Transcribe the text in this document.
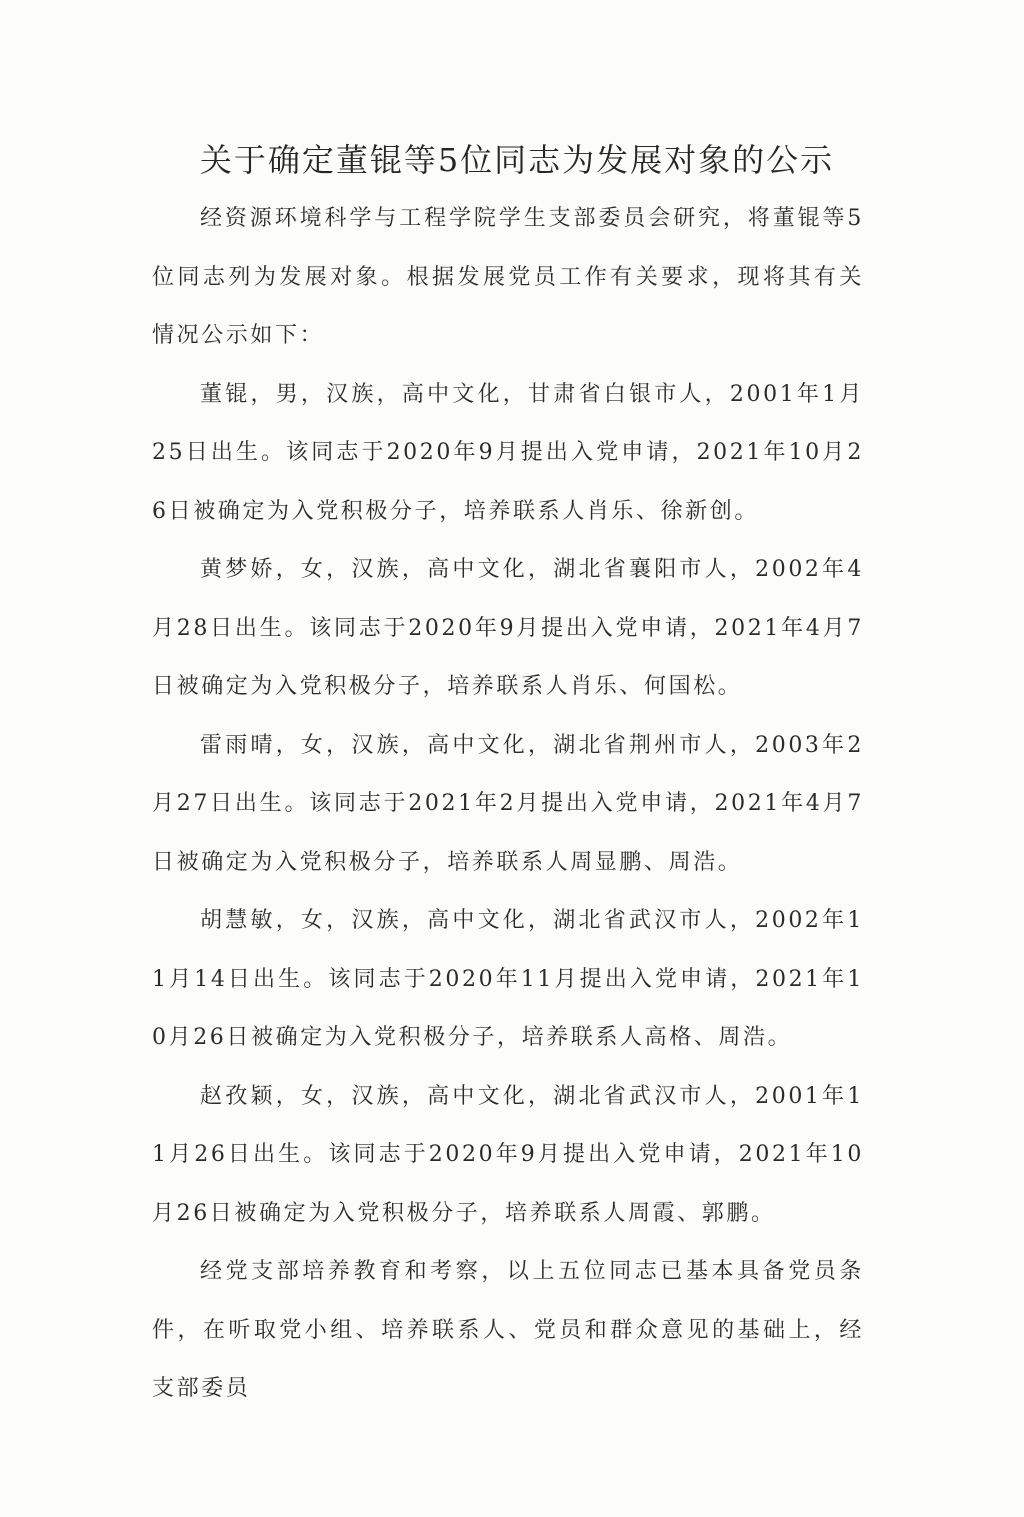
关于确定董锟等5位同志为发展对象的公示

经资源环境科学与工程学院学生支部委员会研究，将董锟等5位同志列为发展对象。根据发展党员工作有关要求，现将其有关情况公示如下：

董锟，男，汉族，高中文化，甘肃省白银市人，2001年1月25日出生。该同志于2020年9月提出入党申请，2021年10月26日被确定为入党积极分子，培养联系人肖乐、徐新创。

黄梦娇，女，汉族，高中文化，湖北省襄阳市人，2002年4月28日出生。该同志于2020年9月提出入党申请，2021年4月7日被确定为入党积极分子，培养联系人肖乐、何国松。

雷雨晴，女，汉族，高中文化，湖北省荆州市人，2003年2月27日出生。该同志于2021年2月提出入党申请，2021年4月7日被确定为入党积极分子，培养联系人周显鹏、周浩。

胡慧敏，女，汉族，高中文化，湖北省武汉市人，2002年11月14日出生。该同志于2020年11月提出入党申请，2021年10月26日被确定为入党积极分子，培养联系人高格、周浩。

赵孜颖，女，汉族，高中文化，湖北省武汉市人，2001年11月26日出生。该同志于2020年9月提出入党申请，2021年10月26日被确定为入党积极分子，培养联系人周霞、郭鹏。

经党支部培养教育和考察，以上五位同志已基本具备党员条件，在听取党小组、培养联系人、党员和群众意见的基础上，经支部委员
